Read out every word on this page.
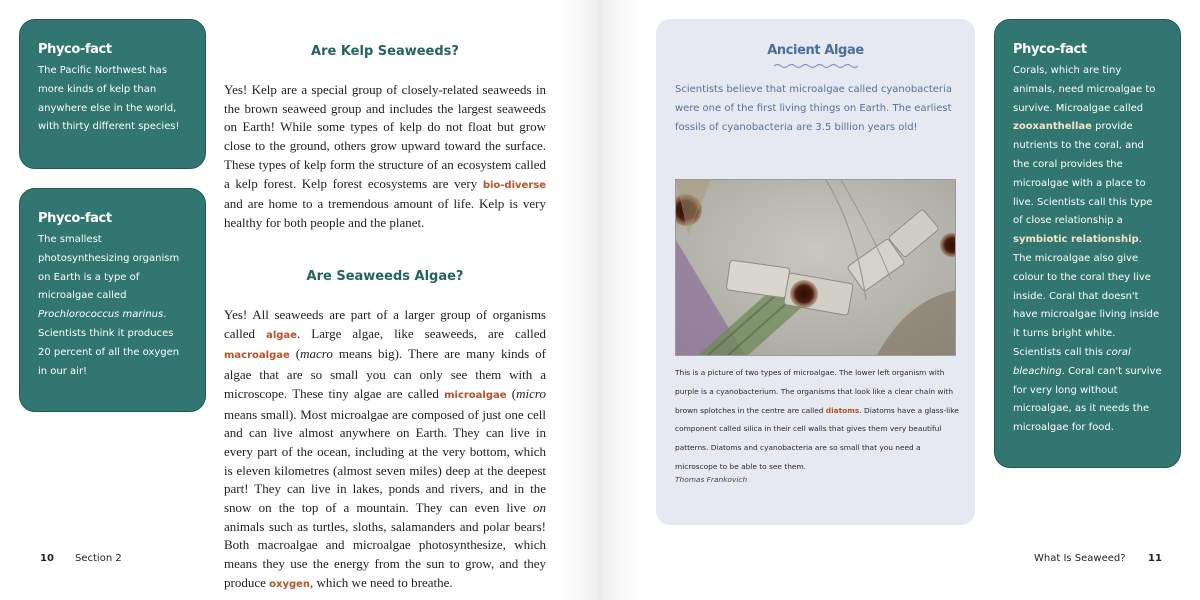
Phyco-fact

The Pacific Northwest has more kinds of kelp than anywhere else in the world, with thirty different species!

Phyco-fact

The smallest photosynthesizing organism on Earth is a type of microalgae called Prochlorococcus marinus. Scientists think it produces 20 percent of all the oxygen in our air!

Are Kelp Seaweeds?

Yes! Kelp are a special group of closely-related seaweeds in the brown seaweed group and includes the largest seaweeds on Earth! While some types of kelp do not float but grow close to the ground, others grow upward toward the surface. These types of kelp form the structure of an ecosystem called a kelp forest. Kelp forest ecosystems are very bio-diverse and are home to a tremendous amount of life. Kelp is very healthy for both people and the planet.

Are Seaweeds Algae?

Yes! All seaweeds are part of a larger group of organisms called algae. Large algae, like seaweeds, are called macroalgae (macro means big). There are many kinds of algae that are so small you can only see them with a microscope. These tiny algae are called microalgae (micro means small). Most microalgae are composed of just one cell and can live almost anywhere on Earth. They can live in every part of the ocean, including at the very bottom, which is eleven kilometres (almost seven miles) deep at the deepest part! They can live in lakes, ponds and rivers, and in the snow on the top of a mountain. They can even live on animals such as turtles, sloths, salamanders and polar bears! Both macroalgae and microalgae photosynthesize, which means they use the energy from the sun to grow, and they produce oxygen, which we need to breathe.

10 Section 2
Ancient Algae

Scientists believe that microalgae called cyanobacteria were one of the first living things on Earth. The earliest fossils of cyanobacteria are 3.5 billion years old!

This is a picture of two types of microalgae. The lower left organism with purple is a cyanobacterium. The organisms that look like a clear chain with brown splotches in the centre are called diatoms. Diatoms have a glass-like component called silica in their cell walls that gives them very beautiful patterns. Diatoms and cyanobacteria are so small that you need a microscope to be able to see them.

Thomas Frankovich

Phyco-fact

Corals, which are tiny animals, need microalgae to survive. Microalgae called zooxanthellae provide nutrients to the coral, and the coral provides the microalgae with a place to live. Scientists call this type of close relationship a symbiotic relationship. The microalgae also give colour to the coral they live inside. Coral that doesn't have microalgae living inside it turns bright white. Scientists call this coral bleaching. Coral can't survive for very long without microalgae, as it needs the microalgae for food.

What Is Seaweed? 11
